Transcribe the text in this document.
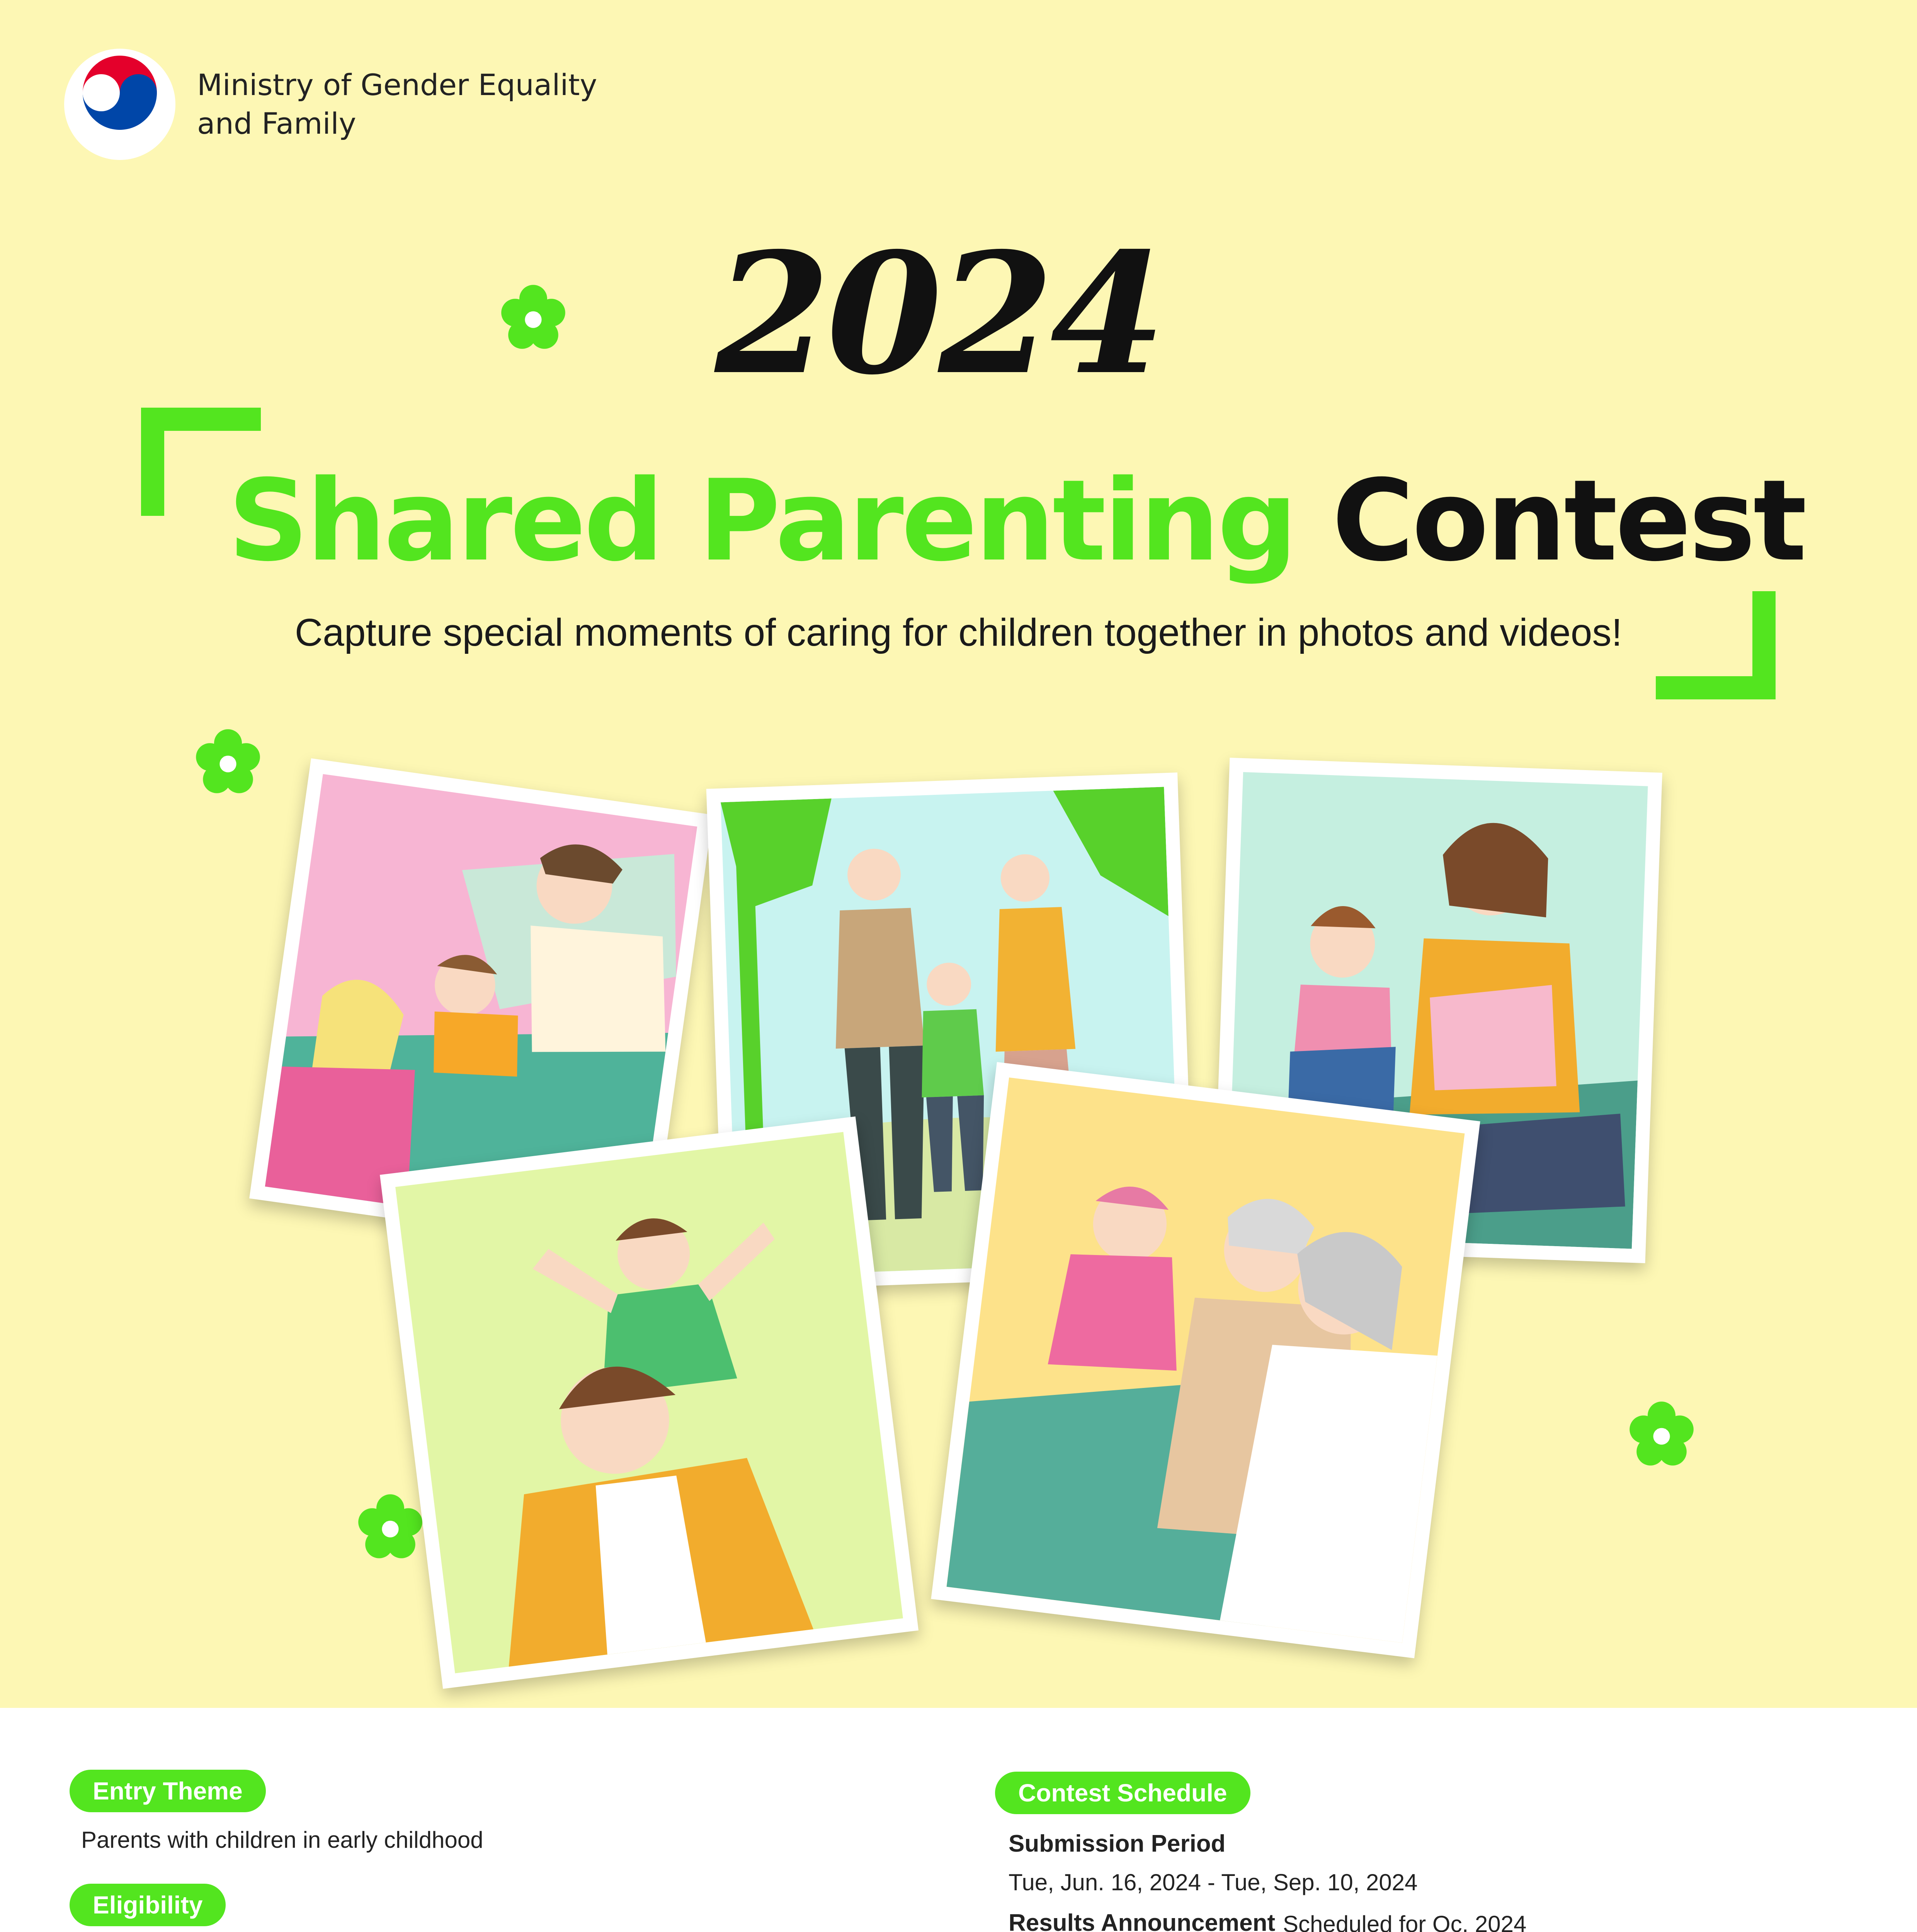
Ministry of Gender Equality
and Family
2024
Shared Parenting Contest
Capture special moments of caring for children together in photos and videos!
Entry Theme
Parents with children in early childhood
Eligibility

Contest Schedule
Submission Period
Tue, Jun. 16, 2024 - Tue, Sep. 10, 2024
Results Announcement Scheduled for Oc. 2024
